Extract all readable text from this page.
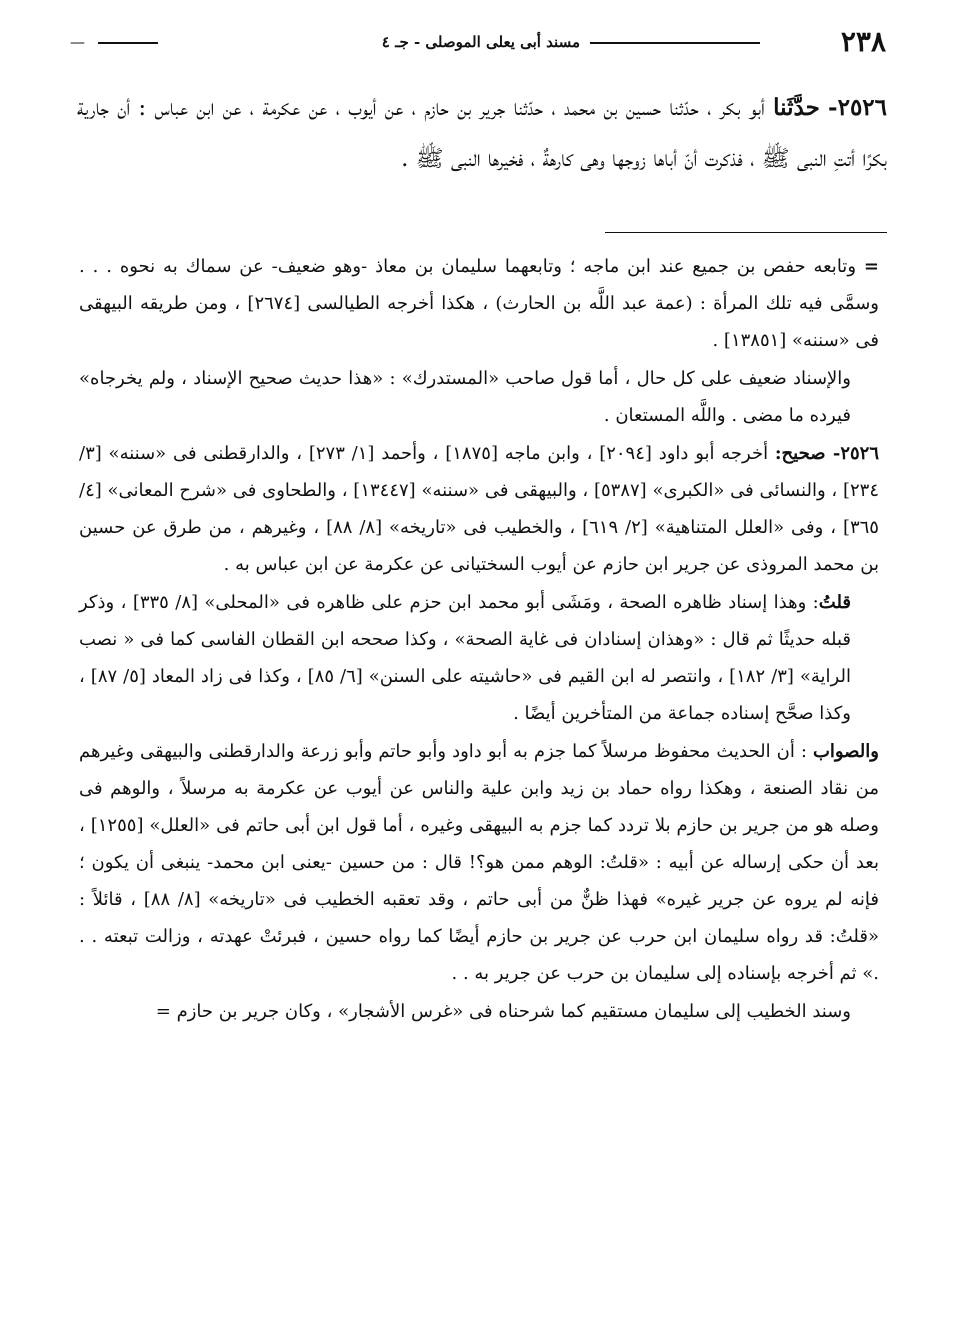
٢٣٨
مسند أبى يعلى الموصلى - جـ ٤
—
٢٥٢٦- حدَّثَنا أبو بكر ، حدّثنا حسين بن محمد ، حدّثنا جرير بن حازم ، عن أيوب ، عن عكرمة ، عن ابن عباس : أن جارية بكرًا أتتِ النبى ﷺ ، فذكرت أنّ أباها زوجها وهى كارهةٌ ، فخيرها النبى ﷺ .

= وتابعه حفص بن جميع عند ابن ماجه ؛ وتابعهما سليمان بن معاذ -وهو ضعيف- عن سماك به نحوه . . . وسمَّى فيه تلك المرأة : (عمة عبد اللَّه بن الحارث) ، هكذا أخرجه الطيالسى [٢٦٧٤] ، ومن طريقه البيهقى فى «سننه» [١٣٨٥١] .

والإسناد ضعيف على كل حال ، أما قول صاحب «المستدرك» : «هذا حديث صحيح الإسناد ، ولم يخرجاه» فيرده ما مضى . واللَّه المستعان .

٢٥٢٦- صحيح: أخرجه أبو داود [٢٠٩٤] ، وابن ماجه [١٨٧٥] ، وأحمد [١/ ٢٧٣] ، والدارقطنى فى «سننه» [٣/ ٢٣٤] ، والنسائى فى «الكبرى» [٥٣٨٧] ، والبيهقى فى «سننه» [١٣٤٤٧] ، والطحاوى فى «شرح المعانى» [٤/ ٣٦٥] ، وفى «العلل المتناهية» [٢/ ٦١٩] ، والخطيب فى «تاريخه» [٨/ ٨٨] ، وغيرهم ، من طرق عن حسين بن محمد المروذى عن جرير ابن حازم عن أيوب السختيانى عن عكرمة عن ابن عباس به .

قلتُ: وهذا إسناد ظاهره الصحة ، ومَشَى أبو محمد ابن حزم على ظاهره فى «المحلى» [٨/ ٣٣٥] ، وذكر قبله حديثًا ثم قال : «وهذان إسنادان فى غاية الصحة» ، وكذا صححه ابن القطان الفاسى كما فى « نصب الراية» [٣/ ١٨٢] ، وانتصر له ابن القيم فى «حاشيته على السنن» [٦/ ٨٥] ، وكذا فى زاد المعاد [٥/ ٨٧] ، وكذا صحَّح إسناده جماعة من المتأخرين أيضًا .

والصواب : أن الحديث محفوظ مرسلاً كما جزم به أبو داود وأبو حاتم وأبو زرعة والدارقطنى والبيهقى وغيرهم من نقاد الصنعة ، وهكذا رواه حماد بن زيد وابن علية والناس عن أيوب عن عكرمة به مرسلاً ، والوهم فى وصله هو من جرير بن حازم بلا تردد كما جزم به البيهقى وغيره ، أما قول ابن أبى حاتم فى «العلل» [١٢٥٥] ، بعد أن حكى إرساله عن أبيه : «قلتُ: الوهم ممن هو؟! قال : من حسين -يعنى ابن محمد- ينبغى أن يكون ؛ فإنه لم يروه عن جرير غيره» فهذا ظنٌّ من أبى حاتم ، وقد تعقبه الخطيب فى «تاريخه» [٨/ ٨٨] ، قائلاً : «قلتُ: قد رواه سليمان ابن حرب عن جرير بن حازم أيضًا كما رواه حسين ، فبرئتْ عهدته ، وزالت تبعته . . .» ثم أخرجه بإسناده إلى سليمان بن حرب عن جرير به . .

وسند الخطيب إلى سليمان مستقيم كما شرحناه فى «غرس الأشجار» ، وكان جرير بن حازم =
